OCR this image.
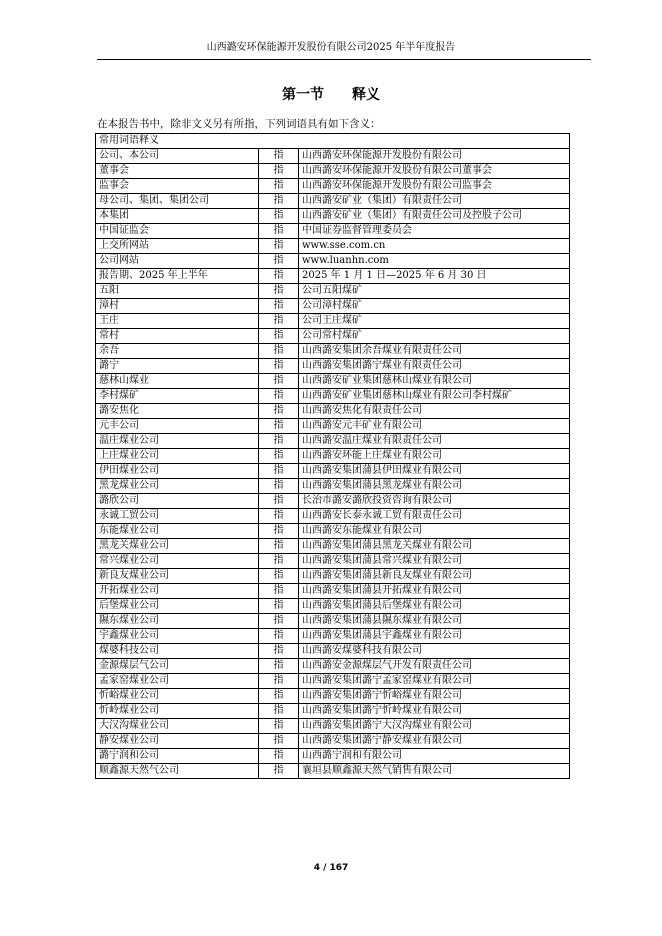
山西潞安环保能源开发股份有限公司2025 年半年度报告
第一节　　释义
在本报告书中，除非文义另有所指，下列词语具有如下含义：
常用词语释义		
公司、本公司	指	山西潞安环保能源开发股份有限公司
董事会	指	山西潞安环保能源开发股份有限公司董事会
监事会	指	山西潞安环保能源开发股份有限公司监事会
母公司、集团、集团公司	指	山西潞安矿业（集团）有限责任公司
本集团	指	山西潞安矿业（集团）有限责任公司及控股子公司
中国证监会	指	中国证券监督管理委员会
上交所网站	指	www.sse.com.cn
公司网站	指	www.luanhn.com
报告期、2025 年上半年	指	2025 年 1 月 1 日—2025 年 6 月 30 日
五阳	指	公司五阳煤矿
漳村	指	公司漳村煤矿
王庄	指	公司王庄煤矿
常村	指	公司常村煤矿
余吾	指	山西潞安集团余吾煤业有限责任公司
潞宁	指	山西潞安集团潞宁煤业有限责任公司
慈林山煤业	指	山西潞安矿业集团慈林山煤业有限公司
李村煤矿	指	山西潞安矿业集团慈林山煤业有限公司李村煤矿
潞安焦化	指	山西潞安焦化有限责任公司
元丰公司	指	山西潞安元丰矿业有限公司
温庄煤业公司	指	山西潞安温庄煤业有限责任公司
上庄煤业公司	指	山西潞安环能上庄煤业有限公司
伊田煤业公司	指	山西潞安集团蒲县伊田煤业有限公司
黑龙煤业公司	指	山西潞安集团蒲县黑龙煤业有限公司
潞欣公司	指	长治市潞安潞欣投资咨询有限公司
永诚工贸公司	指	山西潞安长泰永诚工贸有限责任公司
东能煤业公司	指	山西潞安东能煤业有限公司
黑龙关煤业公司	指	山西潞安集团蒲县黑龙关煤业有限公司
常兴煤业公司	指	山西潞安集团蒲县常兴煤业有限公司
新良友煤业公司	指	山西潞安集团蒲县新良友煤业有限公司
开拓煤业公司	指	山西潞安集团蒲县开拓煤业有限公司
后堡煤业公司	指	山西潞安集团蒲县后堡煤业有限公司
隰东煤业公司	指	山西潞安集团蒲县隰东煤业有限公司
宇鑫煤业公司	指	山西潞安集团蒲县宇鑫煤业有限公司
煤婆科技公司	指	山西潞安煤婆科技有限公司
金源煤层气公司	指	山西潞安金源煤层气开发有限责任公司
孟家窑煤业公司	指	山西潞安集团潞宁孟家窑煤业有限公司
忻峪煤业公司	指	山西潞安集团潞宁忻峪煤业有限公司
忻岭煤业公司	指	山西潞安集团潞宁忻岭煤业有限公司
大汉沟煤业公司	指	山西潞安集团潞宁大汉沟煤业有限公司
静安煤业公司	指	山西潞安集团潞宁静安煤业有限公司
潞宁润和公司	指	山西潞宁润和有限公司
顺鑫源天然气公司	指	襄垣县顺鑫源天然气销售有限公司
4 / 167
